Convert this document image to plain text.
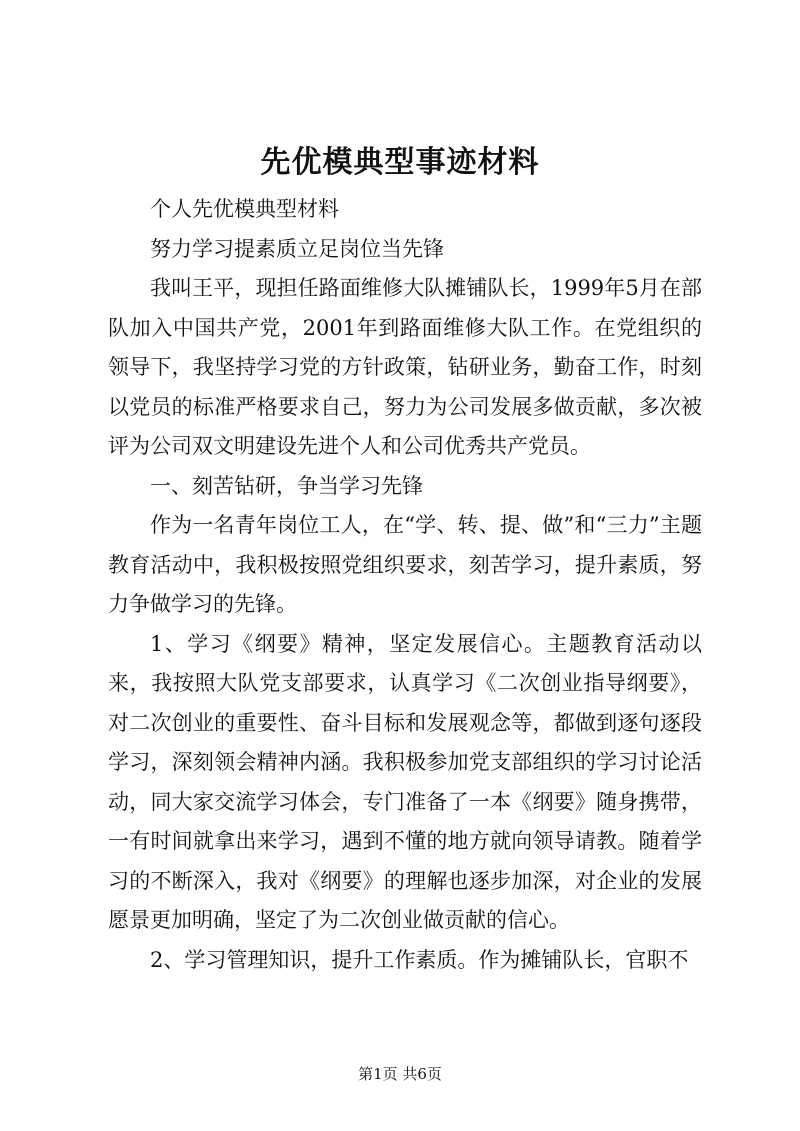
先优模典型事迹材料

个人先优模典型材料

努力学习提素质立足岗位当先锋

我叫王平，现担任路面维修大队摊铺队长，1999年5月在部队加入中国共产党，2001年到路面维修大队工作。在党组织的领导下，我坚持学习党的方针政策，钻研业务，勤奋工作，时刻以党员的标准严格要求自己，努力为公司发展多做贡献，多次被评为公司双文明建设先进个人和公司优秀共产党员。

一、刻苦钻研，争当学习先锋

作为一名青年岗位工人，在“学、转、提、做”和“三力”主题教育活动中，我积极按照党组织要求，刻苦学习，提升素质，努力争做学习的先锋。

1、学习《纲要》精神，坚定发展信心。主题教育活动以来，我按照大队党支部要求，认真学习《二次创业指导纲要》，对二次创业的重要性、奋斗目标和发展观念等，都做到逐句逐段学习，深刻领会精神内涵。我积极参加党支部组织的学习讨论活动，同大家交流学习体会，专门准备了一本《纲要》随身携带，一有时间就拿出来学习，遇到不懂的地方就向领导请教。随着学习的不断深入，我对《纲要》的理解也逐步加深，对企业的发展愿景更加明确，坚定了为二次创业做贡献的信心。

2、学习管理知识，提升工作素质。作为摊铺队长，官职不

第1页 共6页
